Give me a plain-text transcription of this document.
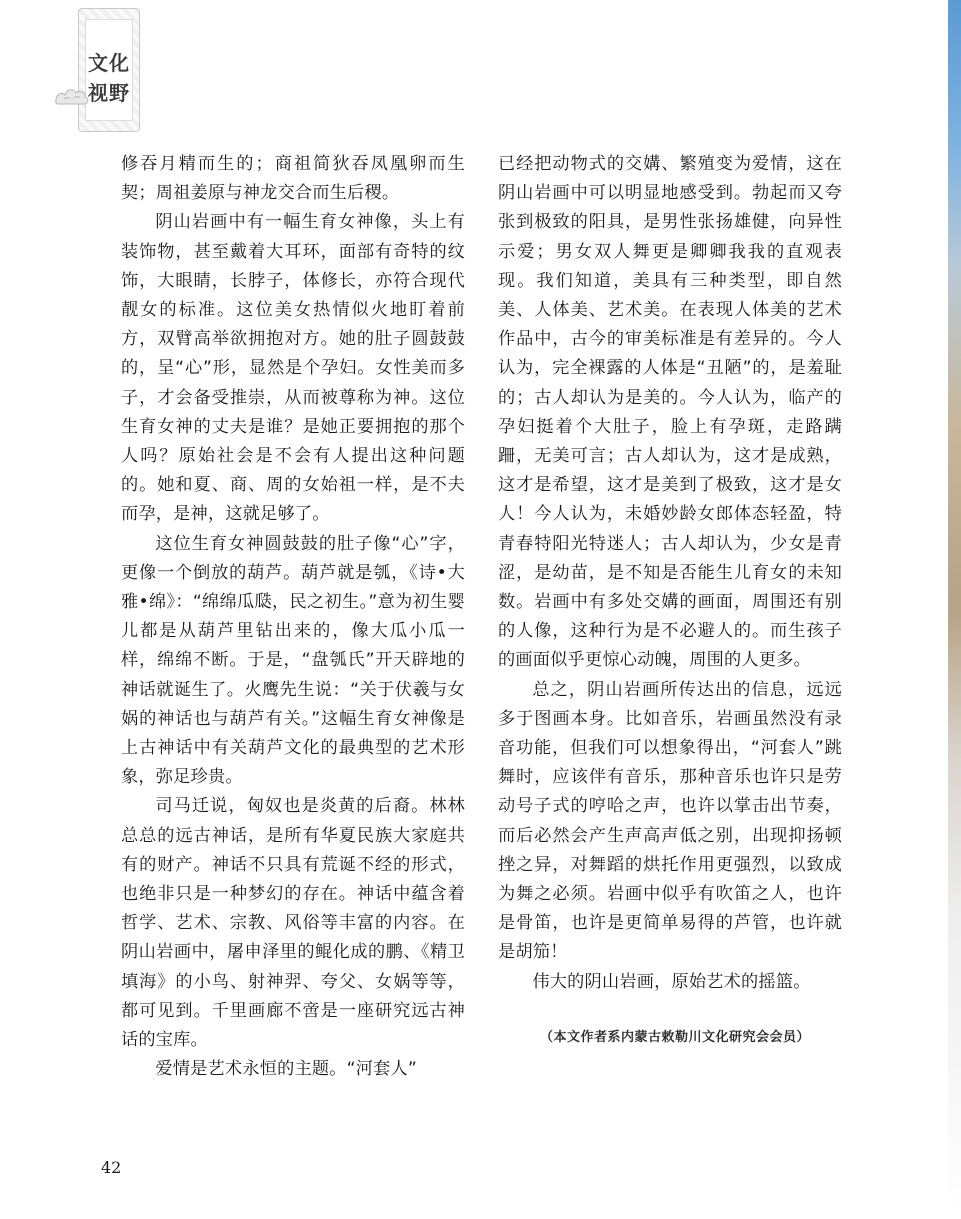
文化
视野

修吞月精而生的；商祖简狄吞凤凰卵而生契；周祖姜原与神龙交合而生后稷。

阴山岩画中有一幅生育女神像，头上有装饰物，甚至戴着大耳环，面部有奇特的纹饰，大眼睛，长脖子，体修长，亦符合现代靓女的标准。这位美女热情似火地盯着前方，双臂高举欲拥抱对方。她的肚子圆鼓鼓的，呈“心”形，显然是个孕妇。女性美而多子，才会备受推崇，从而被尊称为神。这位生育女神的丈夫是谁？是她正要拥抱的那个人吗？原始社会是不会有人提出这种问题的。她和夏、商、周的女始祖一样，是不夫而孕，是神，这就足够了。

这位生育女神圆鼓鼓的肚子像“心”字，更像一个倒放的葫芦。葫芦就是瓠，《诗•大雅•绵》：“绵绵瓜瓞，民之初生。”意为初生婴儿都是从葫芦里钻出来的，像大瓜小瓜一样，绵绵不断。于是，“盘瓠氏”开天辟地的神话就诞生了。火鹰先生说：“关于伏羲与女娲的神话也与葫芦有关。”这幅生育女神像是上古神话中有关葫芦文化的最典型的艺术形象，弥足珍贵。

司马迁说，匈奴也是炎黄的后裔。林林总总的远古神话，是所有华夏民族大家庭共有的财产。神话不只具有荒诞不经的形式，也绝非只是一种梦幻的存在。神话中蕴含着哲学、艺术、宗教、风俗等丰富的内容。在阴山岩画中，屠申泽里的鲲化成的鹏、《精卫填海》的小鸟、射神羿、夸父、女娲等等，都可见到。千里画廊不啻是一座研究远古神话的宝库。

爱情是艺术永恒的主题。“河套人”

已经把动物式的交媾、繁殖变为爱情，这在阴山岩画中可以明显地感受到。勃起而又夸张到极致的阳具，是男性张扬雄健，向异性示爱；男女双人舞更是卿卿我我的直观表现。我们知道，美具有三种类型，即自然美、人体美、艺术美。在表现人体美的艺术作品中，古今的审美标准是有差异的。今人认为，完全裸露的人体是“丑陋”的，是羞耻的；古人却认为是美的。今人认为，临产的孕妇挺着个大肚子，脸上有孕斑，走路蹒跚，无美可言；古人却认为，这才是成熟，这才是希望，这才是美到了极致，这才是女人！今人认为，未婚妙龄女郎体态轻盈，特青春特阳光特迷人；古人却认为，少女是青涩，是幼苗，是不知是否能生儿育女的未知数。岩画中有多处交媾的画面，周围还有别的人像，这种行为是不必避人的。而生孩子的画面似乎更惊心动魄，周围的人更多。

总之，阴山岩画所传达出的信息，远远多于图画本身。比如音乐，岩画虽然没有录音功能，但我们可以想象得出，“河套人”跳舞时，应该伴有音乐，那种音乐也许只是劳动号子式的哼哈之声，也许以掌击出节奏，而后必然会产生声高声低之别，出现抑扬顿挫之异，对舞蹈的烘托作用更强烈，以致成为舞之必须。岩画中似乎有吹笛之人，也许是骨笛，也许是更简单易得的芦管，也许就是胡笳！

伟大的阴山岩画，原始艺术的摇篮。

（本文作者系内蒙古敕勒川文化研究会会员）
42
